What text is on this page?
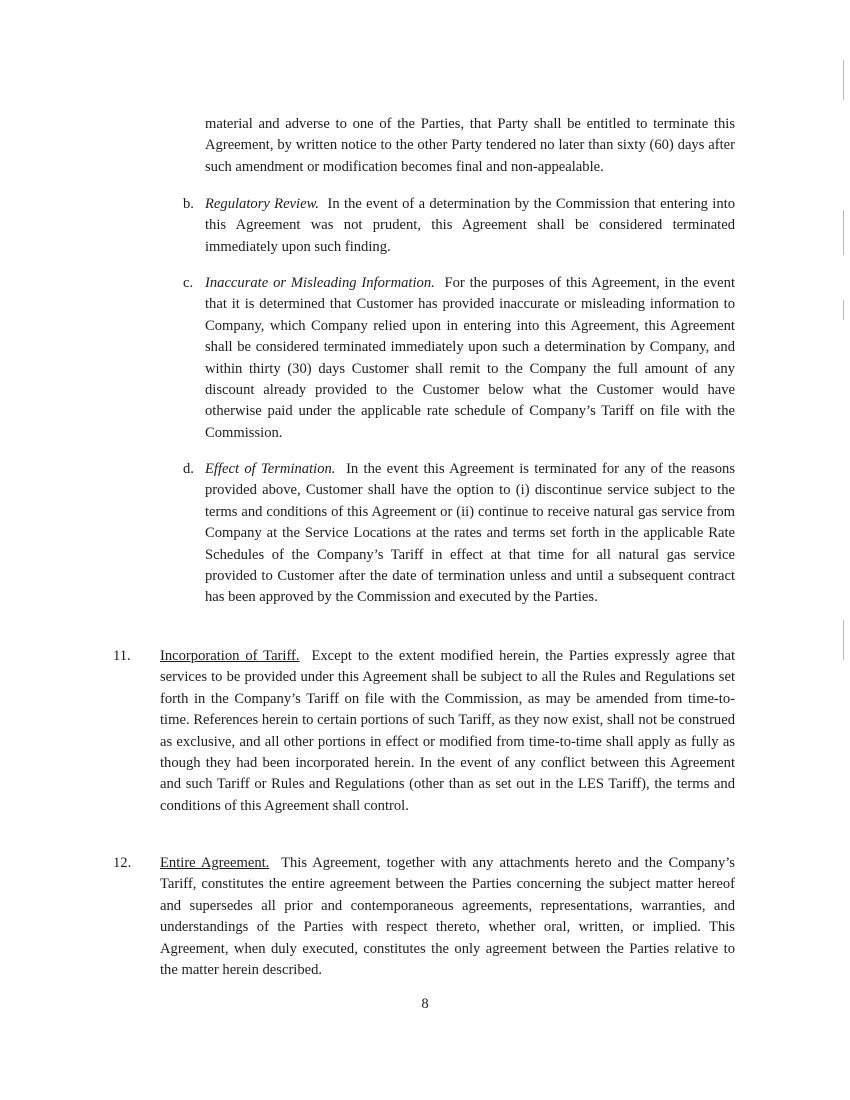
material and adverse to one of the Parties, that Party shall be entitled to terminate this Agreement, by written notice to the other Party tendered no later than sixty (60) days after such amendment or modification becomes final and non-appealable.

b. Regulatory Review. In the event of a determination by the Commission that entering into this Agreement was not prudent, this Agreement shall be considered terminated immediately upon such finding.

c. Inaccurate or Misleading Information. For the purposes of this Agreement, in the event that it is determined that Customer has provided inaccurate or misleading information to Company, which Company relied upon in entering into this Agreement, this Agreement shall be considered terminated immediately upon such a determination by Company, and within thirty (30) days Customer shall remit to the Company the full amount of any discount already provided to the Customer below what the Customer would have otherwise paid under the applicable rate schedule of Company’s Tariff on file with the Commission.

d. Effect of Termination. In the event this Agreement is terminated for any of the reasons provided above, Customer shall have the option to (i) discontinue service subject to the terms and conditions of this Agreement or (ii) continue to receive natural gas service from Company at the Service Locations at the rates and terms set forth in the applicable Rate Schedules of the Company’s Tariff in effect at that time for all natural gas service provided to Customer after the date of termination unless and until a subsequent contract has been approved by the Commission and executed by the Parties.

11. Incorporation of Tariff. Except to the extent modified herein, the Parties expressly agree that services to be provided under this Agreement shall be subject to all the Rules and Regulations set forth in the Company’s Tariff on file with the Commission, as may be amended from time-to-time. References herein to certain portions of such Tariff, as they now exist, shall not be construed as exclusive, and all other portions in effect or modified from time-to-time shall apply as fully as though they had been incorporated herein. In the event of any conflict between this Agreement and such Tariff or Rules and Regulations (other than as set out in the LES Tariff), the terms and conditions of this Agreement shall control.

12. Entire Agreement. This Agreement, together with any attachments hereto and the Company’s Tariff, constitutes the entire agreement between the Parties concerning the subject matter hereof and supersedes all prior and contemporaneous agreements, representations, warranties, and understandings of the Parties with respect thereto, whether oral, written, or implied. This Agreement, when duly executed, constitutes the only agreement between the Parties relative to the matter herein described.

8
